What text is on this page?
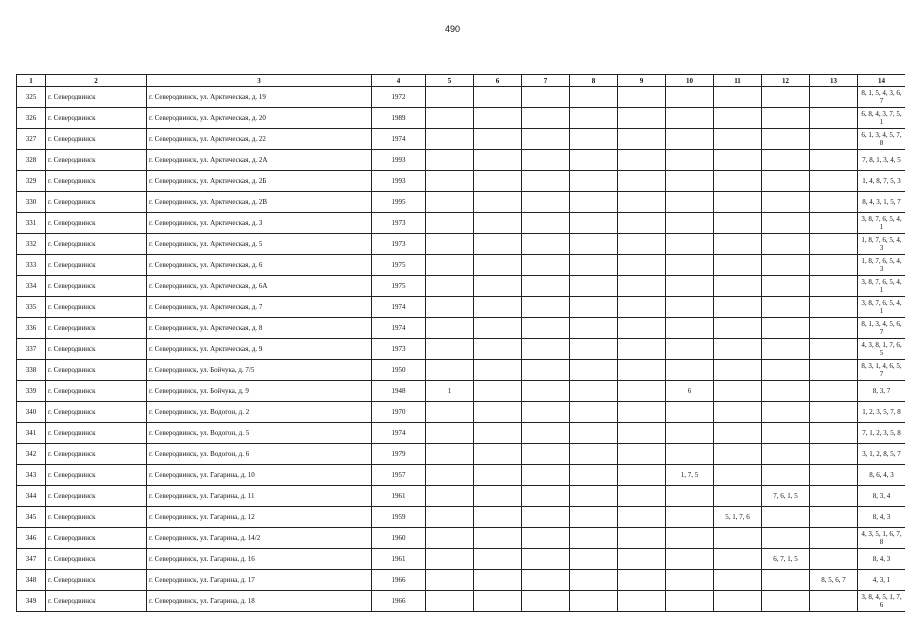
490
1	2	3	4	5	6	7	8	9	10	11	12	13	14
325	г. Северодвинск	г. Северодвинск, ул. Арктическая, д. 19	1972										8, 1, 5, 4, 3, 6, 7
326	г. Северодвинск	г. Северодвинск, ул. Арктическая, д. 20	1989										6, 8, 4, 3, 7, 5, 1
327	г. Северодвинск	г. Северодвинск, ул. Арктическая, д. 22	1974										6, 1, 3, 4, 5, 7, 8
328	г. Северодвинск	г. Северодвинск, ул. Арктическая, д. 2А	1993										7, 8, 1, 3, 4, 5
329	г. Северодвинск	г. Северодвинск, ул. Арктическая, д. 2Б	1993										1, 4, 8, 7, 5, 3
330	г. Северодвинск	г. Северодвинск, ул. Арктическая, д. 2В	1995										8, 4, 3, 1, 5, 7
331	г. Северодвинск	г. Северодвинск, ул. Арктическая, д. 3	1973										3, 8, 7, 6, 5, 4, 1
332	г. Северодвинск	г. Северодвинск, ул. Арктическая, д. 5	1973										1, 8, 7, 6, 5, 4, 3
333	г. Северодвинск	г. Северодвинск, ул. Арктическая, д. 6	1975										1, 8, 7, 6, 5, 4, 3
334	г. Северодвинск	г. Северодвинск, ул. Арктическая, д. 6А	1975										3, 8, 7, 6, 5, 4, 1
335	г. Северодвинск	г. Северодвинск, ул. Арктическая, д. 7	1974										3, 8, 7, 6, 5, 4, 1
336	г. Северодвинск	г. Северодвинск, ул. Арктическая, д. 8	1974										8, 1, 3, 4, 5, 6, 7
337	г. Северодвинск	г. Северодвинск, ул. Арктическая, д. 9	1973										4, 3, 8, 1, 7, 6, 5
338	г. Северодвинск	г. Северодвинск, ул. Бойчука, д. 7/5	1950										8, 3, 1, 4, 6, 5, 7
339	г. Северодвинск	г. Северодвинск, ул. Бойчука, д. 9	1948	1					6				8, 3, 7
340	г. Северодвинск	г. Северодвинск, ул. Водогон, д. 2	1970										1, 2, 3, 5, 7, 8
341	г. Северодвинск	г. Северодвинск, ул. Водогон, д. 5	1974										7, 1, 2, 3, 5, 8
342	г. Северодвинск	г. Северодвинск, ул. Водогон, д. 6	1979										3, 1, 2, 8, 5, 7
343	г. Северодвинск	г. Северодвинск, ул. Гагарина, д. 10	1957						1, 7, 5				8, 6, 4, 3
344	г. Северодвинск	г. Северодвинск, ул. Гагарина, д. 11	1961								7, 6, 1, 5		8, 3, 4
345	г. Северодвинск	г. Северодвинск, ул. Гагарина, д. 12	1959							5, 1, 7, 6			8, 4, 3
346	г. Северодвинск	г. Северодвинск, ул. Гагарина, д. 14/2	1960										4, 3, 5, 1, 6, 7, 8
347	г. Северодвинск	г. Северодвинск, ул. Гагарина, д. 16	1961								6, 7, 1, 5		8, 4, 3
348	г. Северодвинск	г. Северодвинск, ул. Гагарина, д. 17	1966									8, 5, 6, 7	4, 3, 1
349	г. Северодвинск	г. Северодвинск, ул. Гагарина, д. 18	1966										3, 8, 4, 5, 1, 7, 6
